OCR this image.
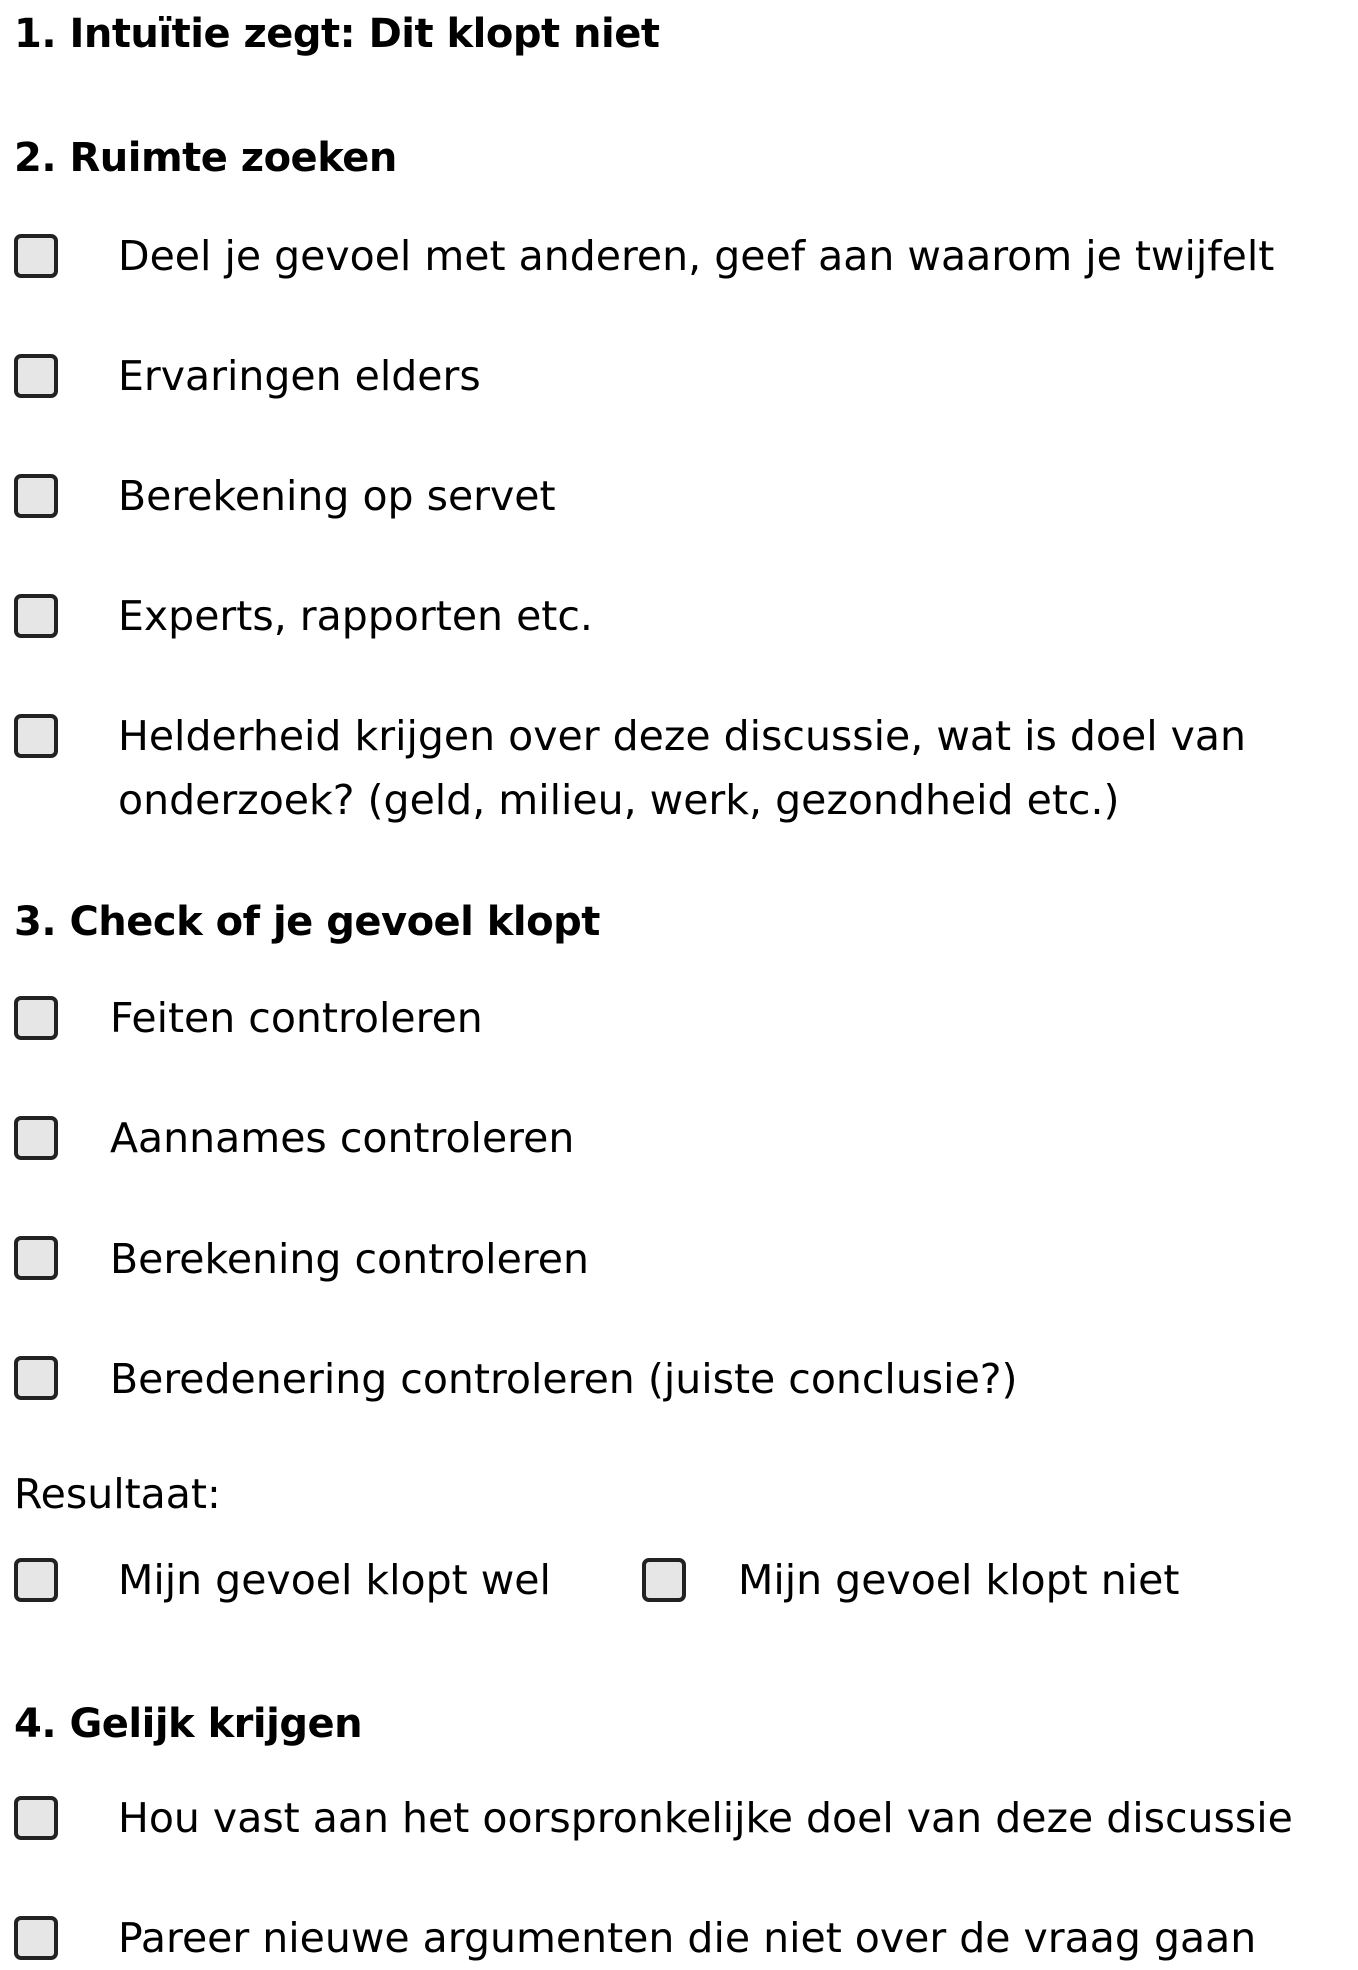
1. Intuïtie zegt: Dit klopt niet
2. Ruimte zoeken
Deel je gevoel met anderen, geef aan waarom je twijfelt
Ervaringen elders
Berekening op servet
Experts, rapporten etc.
Helderheid krijgen over deze discussie, wat is doel van
onderzoek? (geld, milieu, werk, gezondheid etc.)
3. Check of je gevoel klopt
Feiten controleren
Aannames controleren
Berekening controleren
Beredenering controleren (juiste conclusie?)
Resultaat:
Mijn gevoel klopt wel	Mijn gevoel klopt niet
4. Gelijk krijgen
Hou vast aan het oorspronkelijke doel van deze discussie
Pareer nieuwe argumenten die niet over de vraag gaan
